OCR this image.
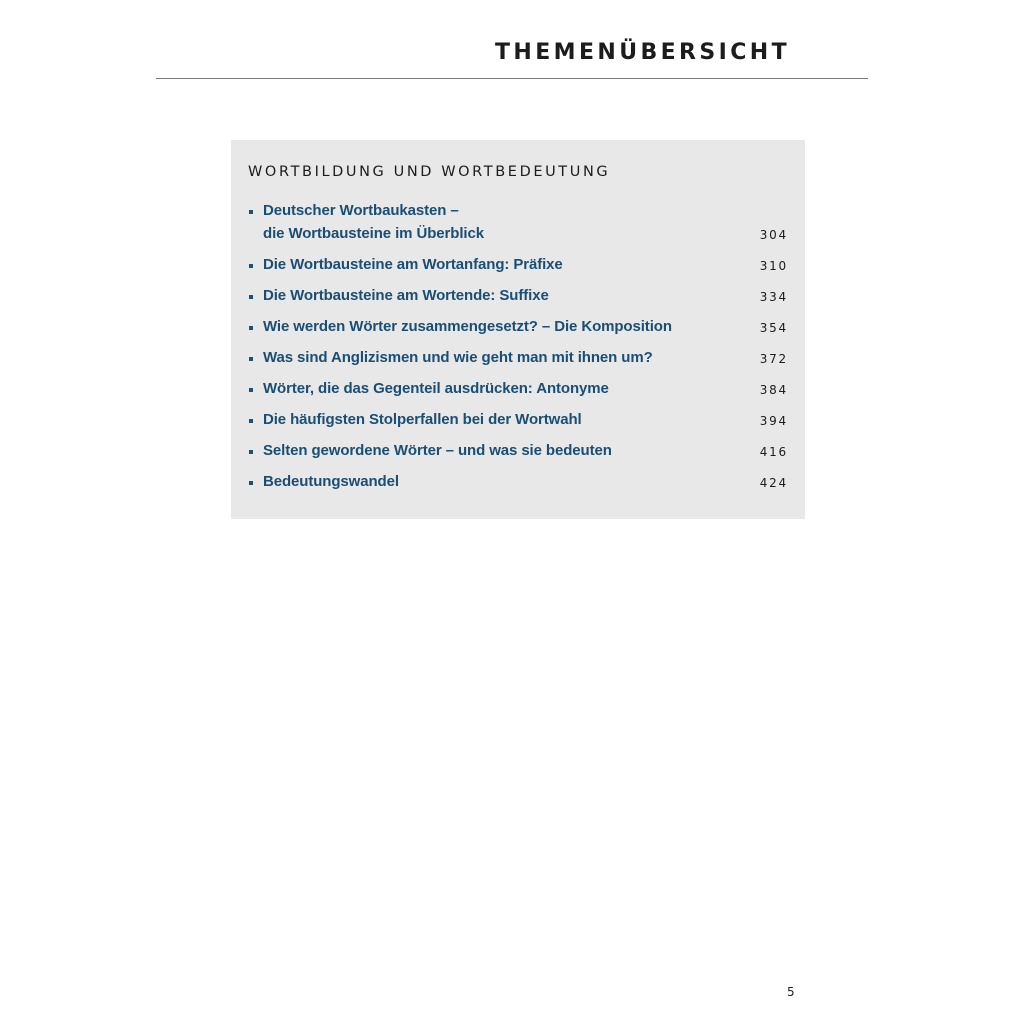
THEMENÜBERSICHT
WORTBILDUNG UND WORTBEDEUTUNG
Deutscher Wortbaukasten –
die Wortbausteine im Überblick	304
Die Wortbausteine am Wortanfang: Präfixe	310
Die Wortbausteine am Wortende: Suffixe	334
Wie werden Wörter zusammengesetzt? – Die Komposition	354
Was sind Anglizismen und wie geht man mit ihnen um?	372
Wörter, die das Gegenteil ausdrücken: Antonyme	384
Die häufigsten Stolperfallen bei der Wortwahl	394
Selten gewordene Wörter – und was sie bedeuten	416
Bedeutungswandel	424
5
